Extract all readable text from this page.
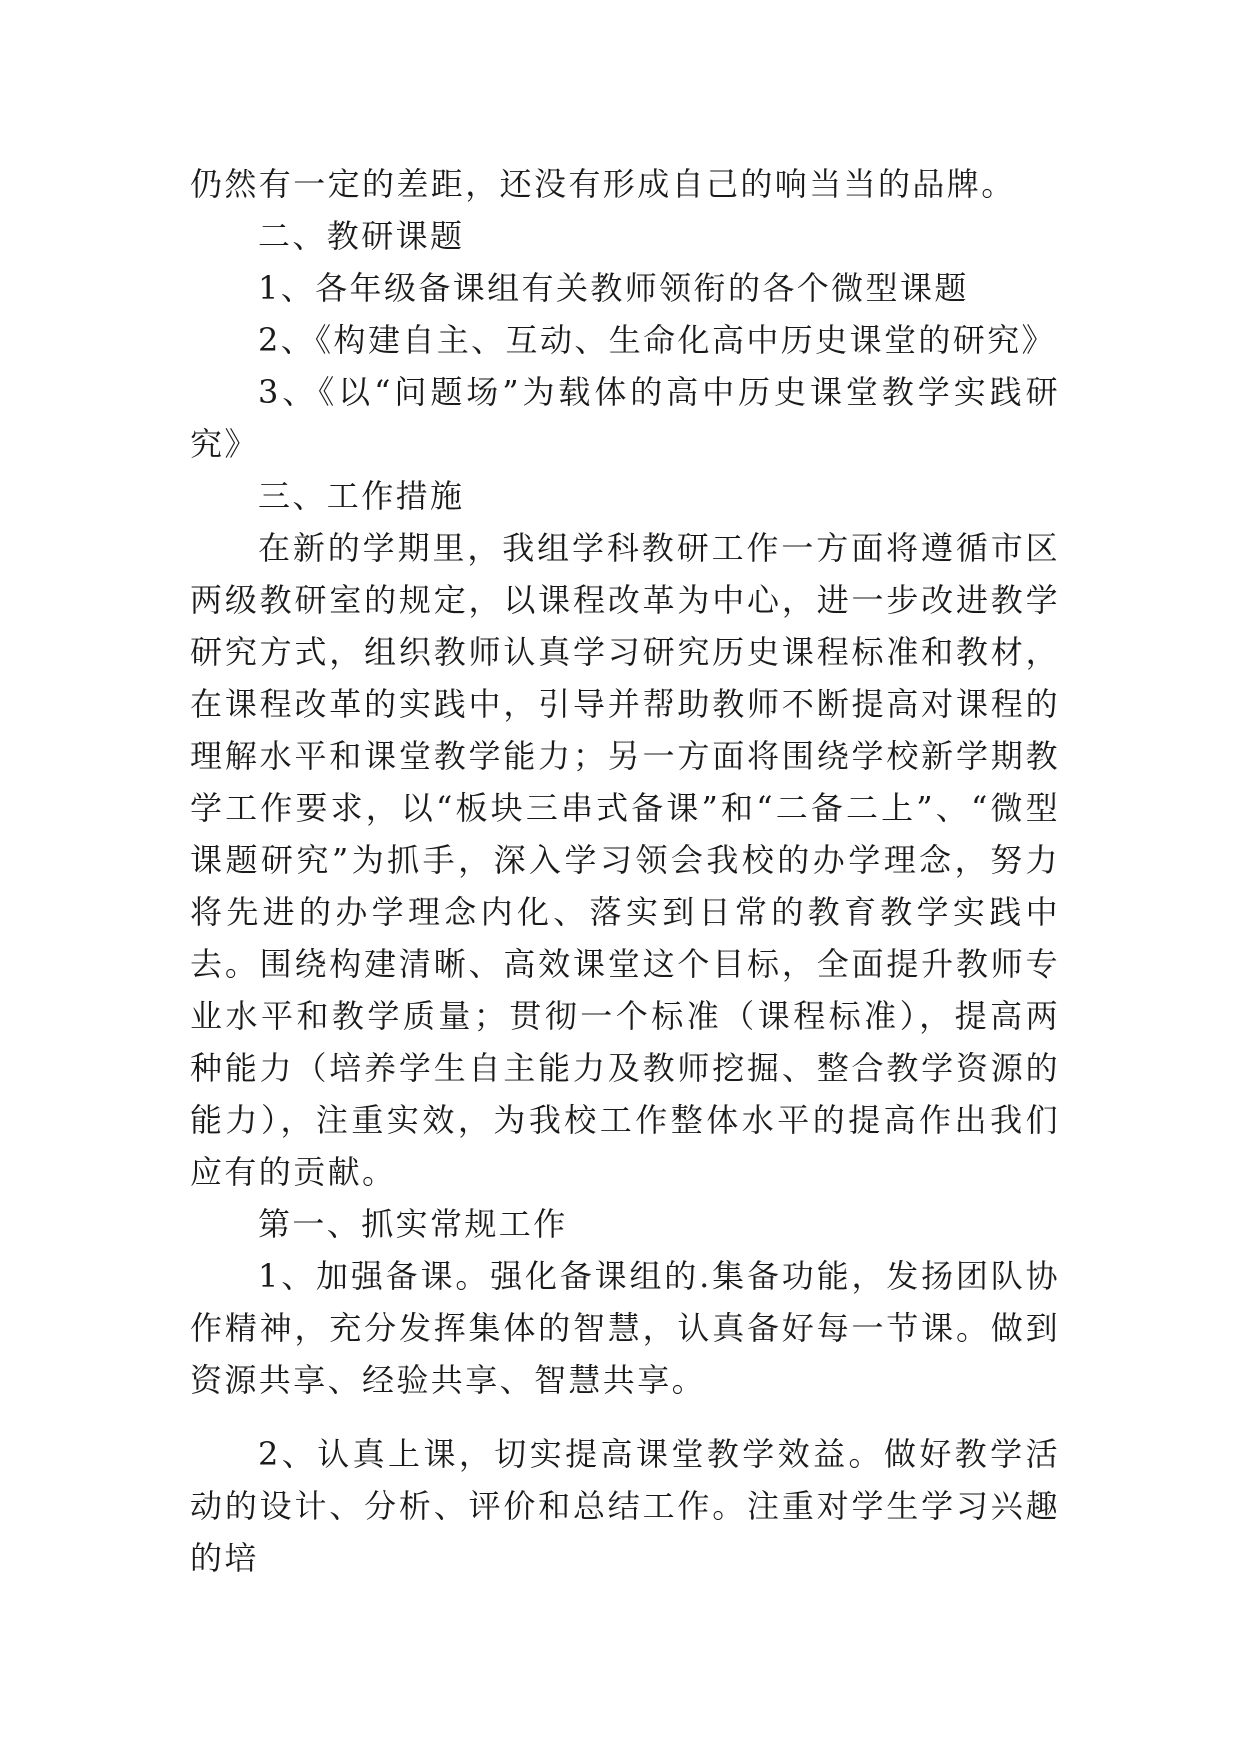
仍然有一定的差距，还没有形成自己的响当当的品牌。

二、教研课题

1、各年级备课组有关教师领衔的各个微型课题

2、《构建自主、互动、生命化高中历史课堂的研究》

3、《以“问题场”为载体的高中历史课堂教学实践研究》

三、工作措施

在新的学期里，我组学科教研工作一方面将遵循市区两级教研室的规定，以课程改革为中心，进一步改进教学研究方式，组织教师认真学习研究历史课程标准和教材，在课程改革的实践中，引导并帮助教师不断提高对课程的理解水平和课堂教学能力；另一方面将围绕学校新学期教学工作要求，以“板块三串式备课”和“二备二上”、“微型课题研究”为抓手，深入学习领会我校的办学理念，努力将先进的办学理念内化、落实到日常的教育教学实践中去。围绕构建清晰、高效课堂这个目标，全面提升教师专业水平和教学质量；贯彻一个标准（课程标准），提高两种能力（培养学生自主能力及教师挖掘、整合教学资源的能力），注重实效，为我校工作整体水平的提高作出我们应有的贡献。

第一、抓实常规工作

1、加强备课。强化备课组的.集备功能，发扬团队协作精神，充分发挥集体的智慧，认真备好每一节课。做到资源共享、经验共享、智慧共享。

2、认真上课，切实提高课堂教学效益。做好教学活动的设计、分析、评价和总结工作。注重对学生学习兴趣的培
